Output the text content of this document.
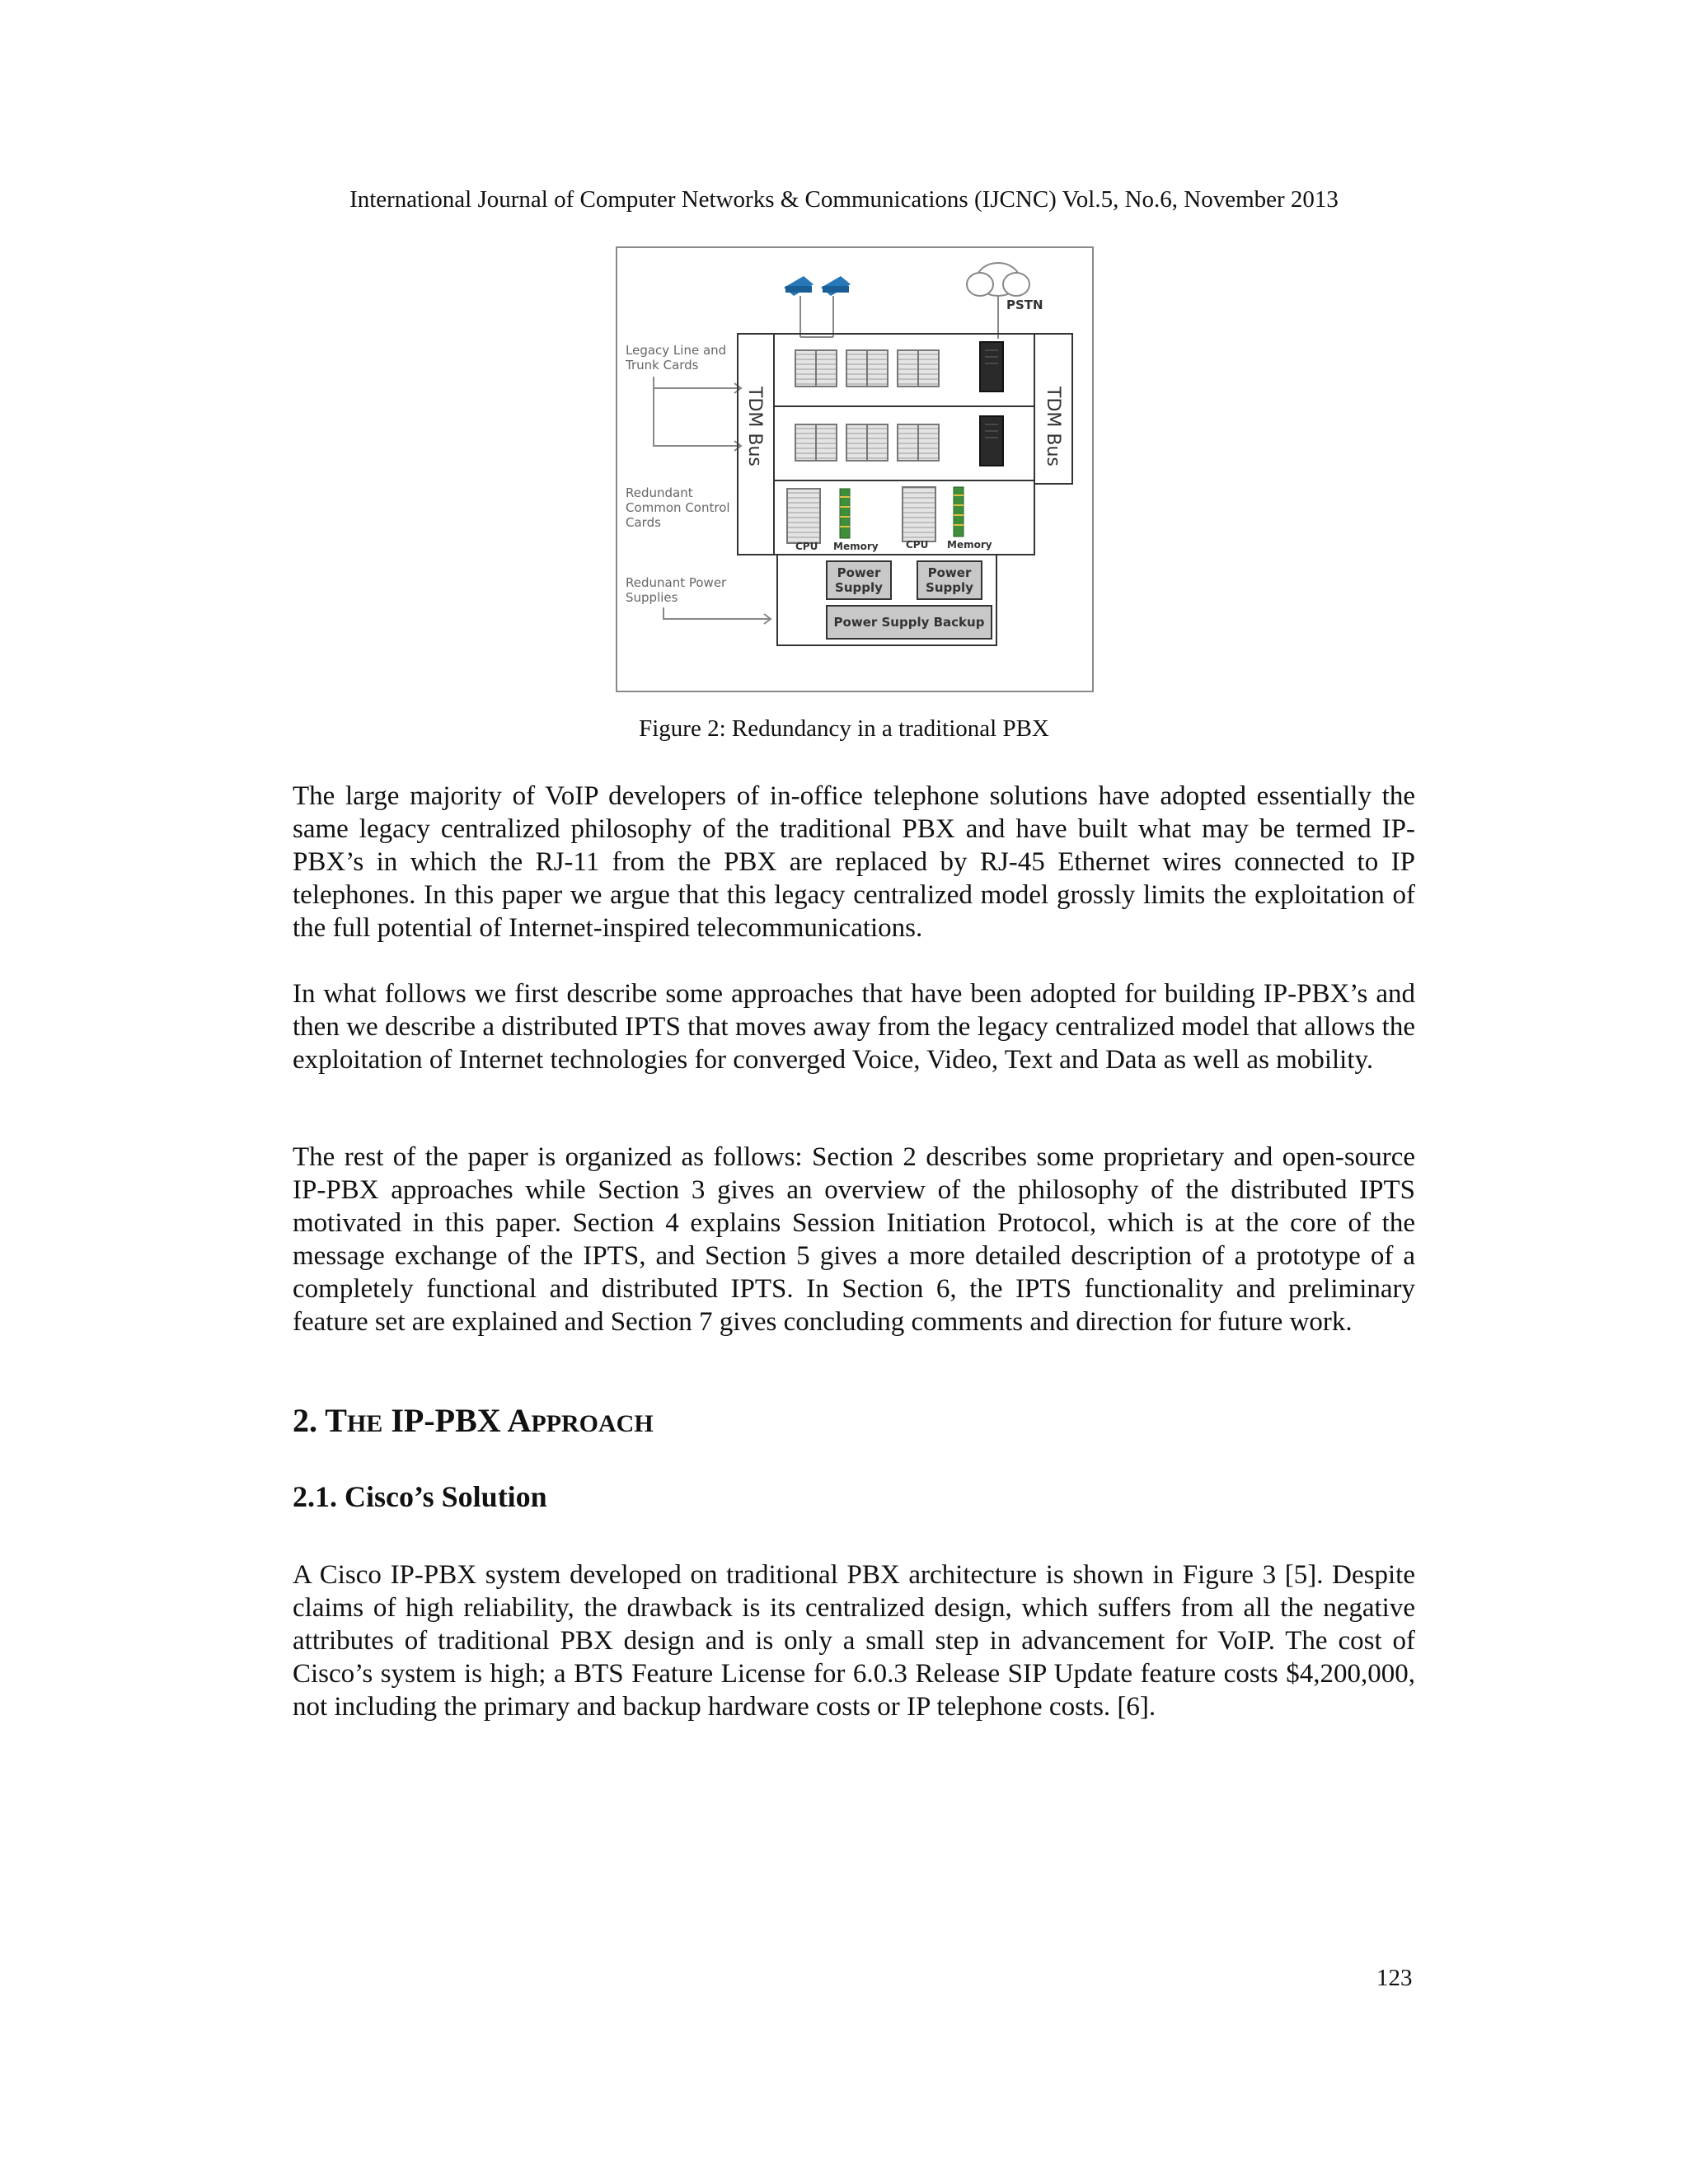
International Journal of Computer Networks & Communications (IJCNC) Vol.5, No.6, November 2013
PSTN
Legacy Line and
Trunk Cards
Redundant
Common Control
Cards
Redunant Power
Supplies
TDM Bus	TDM Bus
CPU Memory	CPU Memory
Power
Supply
Power
Supply
Power Supply Backup
Figure 2: Redundancy in a traditional PBX

The large majority of VoIP developers of in-office telephone solutions have adopted essentially the same legacy centralized philosophy of the traditional PBX and have built what may be termed IP-PBX’s in which the RJ-11 from the PBX are replaced by RJ-45 Ethernet wires connected to IP telephones. In this paper we argue that this legacy centralized model grossly limits the exploitation of the full potential of Internet-inspired telecommunications.

In what follows we first describe some approaches that have been adopted for building IP-PBX’s and then we describe a distributed IPTS that moves away from the legacy centralized model that allows the exploitation of Internet technologies for converged Voice, Video, Text and Data as well as mobility.

The rest of the paper is organized as follows: Section 2 describes some proprietary and open-source IP-PBX approaches while Section 3 gives an overview of the philosophy of the distributed IPTS motivated in this paper. Section 4 explains Session Initiation Protocol, which is at the core of the message exchange of the IPTS, and Section 5 gives a more detailed description of a prototype of a completely functional and distributed IPTS. In Section 6, the IPTS functionality and preliminary feature set are explained and Section 7 gives concluding comments and direction for future work.

2. THE IP-PBX APPROACH
2.1. Cisco’s Solution

A Cisco IP-PBX system developed on traditional PBX architecture is shown in Figure 3 [5]. Despite claims of high reliability, the drawback is its centralized design, which suffers from all the negative attributes of traditional PBX design and is only a small step in advancement for VoIP. The cost of Cisco’s system is high; a BTS Feature License for 6.0.3 Release SIP Update feature costs $4,200,000, not including the primary and backup hardware costs or IP telephone costs. [6].

123
